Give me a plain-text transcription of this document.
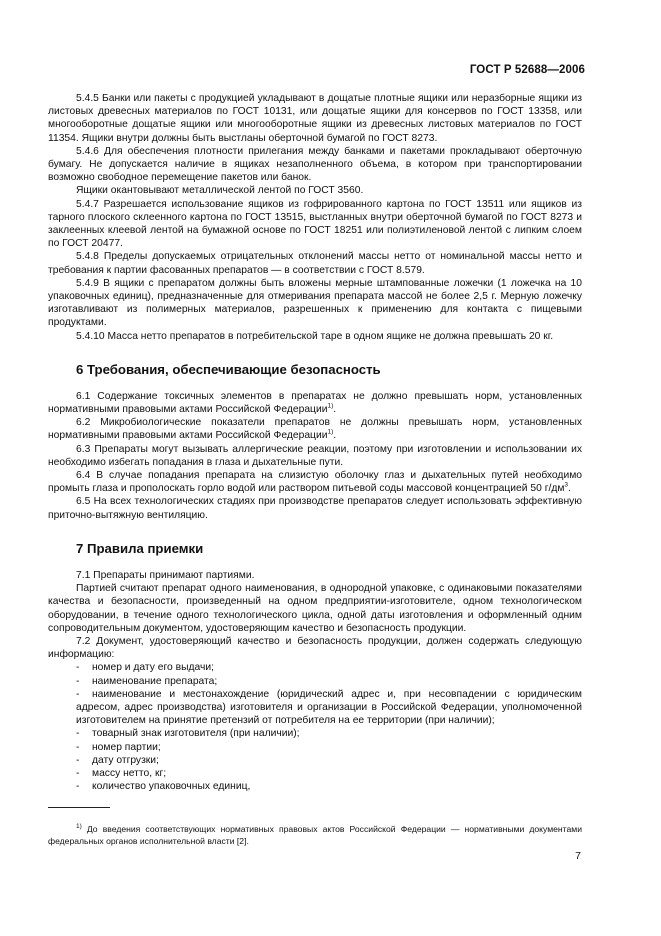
ГОСТ Р 52688—2006

5.4.5 Банки или пакеты с продукцией укладывают в дощатые плотные ящики или неразборные ящики из листовых древесных материалов по ГОСТ 10131, или дощатые ящики для консервов по ГОСТ 13358, или многооборотные дощатые ящики или многооборотные ящики из древесных листовых материалов по ГОСТ 11354. Ящики внутри должны быть выстланы оберточной бумагой по ГОСТ 8273.

5.4.6 Для обеспечения плотности прилегания между банками и пакетами прокладывают оберточную бумагу. Не допускается наличие в ящиках незаполненного объема, в котором при транспортировании возможно свободное перемещение пакетов или банок.

Ящики окантовывают металлической лентой по ГОСТ 3560.

5.4.7 Разрешается использование ящиков из гофрированного картона по ГОСТ 13511 или ящиков из тарного плоского склеенного картона по ГОСТ 13515, выстланных внутри оберточной бумагой по ГОСТ 8273 и заклеенных клеевой лентой на бумажной основе по ГОСТ 18251 или полиэтиленовой лентой с липким слоем по ГОСТ 20477.

5.4.8 Пределы допускаемых отрицательных отклонений массы нетто от номинальной массы нетто и требования к партии фасованных препаратов — в соответствии с ГОСТ 8.579.

5.4.9 В ящики с препаратом должны быть вложены мерные штампованные ложечки (1 ложечка на 10 упаковочных единиц), предназначенные для отмеривания препарата массой не более 2,5 г. Мерную ложечку изготавливают из полимерных материалов, разрешенных к применению для контакта с пищевыми продуктами.

5.4.10 Масса нетто препаратов в потребительской таре в одном ящике не должна превышать 20 кг.

6 Требования, обеспечивающие безопасность

6.1 Содержание токсичных элементов в препаратах не должно превышать норм, установленных нормативными правовыми актами Российской Федерации$^{1)}$.

6.2 Микробиологические показатели препаратов не должны превышать норм, установленных нормативными правовыми актами Российской Федерации$^{1)}$.

6.3 Препараты могут вызывать аллергические реакции, поэтому при изготовлении и использовании их необходимо избегать попадания в глаза и дыхательные пути.

6.4 В случае попадания препарата на слизистую оболочку глаз и дыхательных путей необходимо промыть глаза и прополоскать горло водой или раствором питьевой соды массовой концентрацией 50 $г/дм^3$.

6.5 На всех технологических стадиях при производстве препаратов следует использовать эффективную приточно-вытяжную вентиляцию.

7 Правила приемки

7.1 Препараты принимают партиями.

Партией считают препарат одного наименования, в однородной упаковке, с одинаковыми показателями качества и безопасности, произведенный на одном предприятии-изготовителе, одном технологическом оборудовании, в течение одного технологического цикла, одной даты изготовления и оформленный одним сопроводительным документом, удостоверяющим качество и безопасность продукции.

7.2 Документ, удостоверяющий качество и безопасность продукции, должен содержать следующую информацию:

- номер и дату его выдачи;

- наименование препарата;

- наименование и местонахождение (юридический адрес и, при несовпадении с юридическим адресом, адрес производства) изготовителя и организации в Российской Федерации, уполномоченной изготовителем на принятие претензий от потребителя на ее территории (при наличии);

- товарный знак изготовителя (при наличии);

- номер партии;

- дату отгрузки;

- массу нетто, кг;

- количество упаковочных единиц,

$^{1)}$ До введения соответствующих нормативных правовых актов Российской Федерации — нормативными документами федеральных органов исполнительной власти [2].

7
